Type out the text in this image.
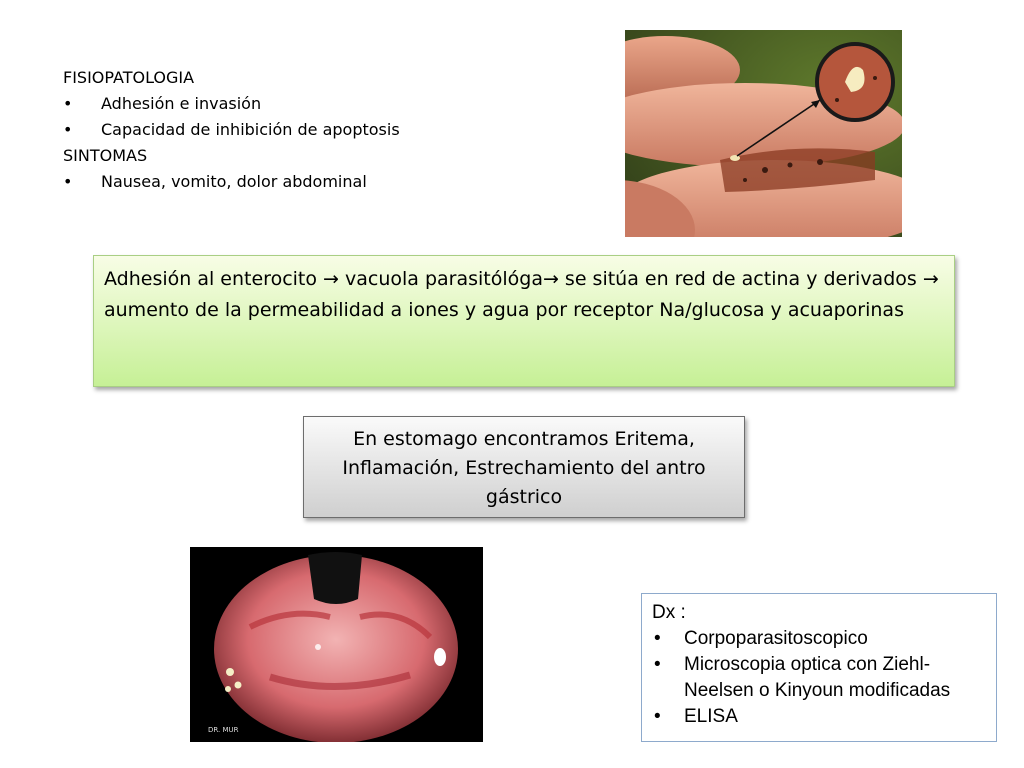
FISIOPATOLOGIA
•	Adhesión e invasión
•	Capacidad de inhibición de apoptosis
SINTOMAS
•	Nausea, vomito, dolor abdominal
Adhesión al enterocito → vacuola parasitólóga→ se sitúa en red de actina y derivados → aumento de la permeabilidad a iones y agua por receptor Na/glucosa y acuaporinas
En estomago encontramos Eritema, Inflamación, Estrechamiento del antro gástrico
DR. MUR
Dx :
•	Corpoparasitoscopico
•	Microscopia optica con Ziehl-Neelsen o Kinyoun modificadas
•	ELISA
